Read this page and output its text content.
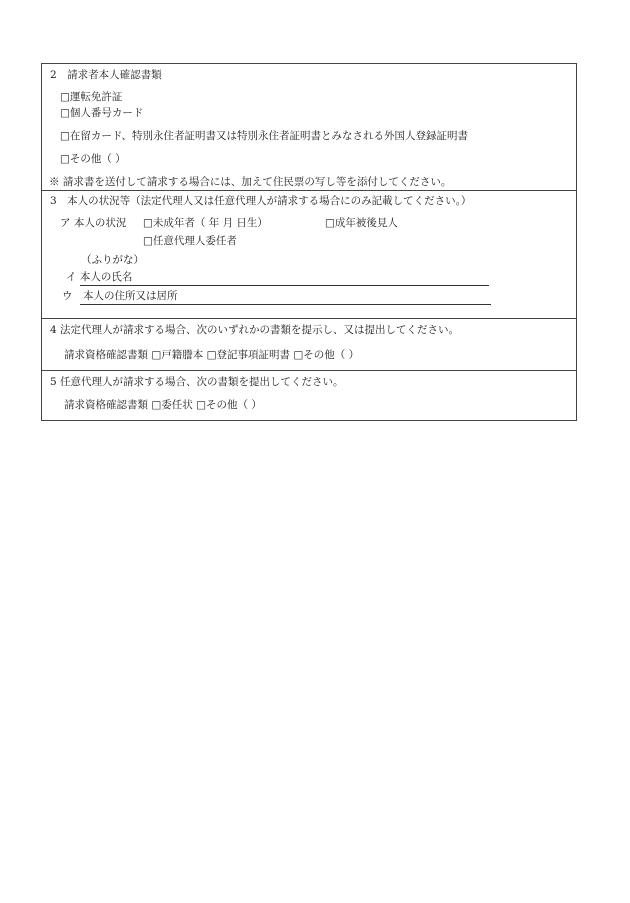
2　請求者本人確認書類
□運転免許証
□個人番号カード
□在留カード、特別永住者証明書又は特別永住者証明書とみなされる外国人登録証明書
□その他（ ）
※ 請求書を送付して請求する場合には、加えて住民票の写し等を添付してください。
3　本人の状況等（法定代理人又は任意代理人が請求する場合にのみ記載してください。）
ア 本人の状況 □未成年者（ 年 月 日生）	□成年被後見人
□任意代理人委任者
（ふりがな）
イ 本人の氏名
ウ　本人の住所又は居所
4 法定代理人が請求する場合、次のいずれかの書類を提示し、又は提出してください。
請求資格確認書類 □戸籍謄本 □登記事項証明書 □その他（ ）
5 任意代理人が請求する場合、次の書類を提出してください。
請求資格確認書類 □委任状 □その他（ ）
